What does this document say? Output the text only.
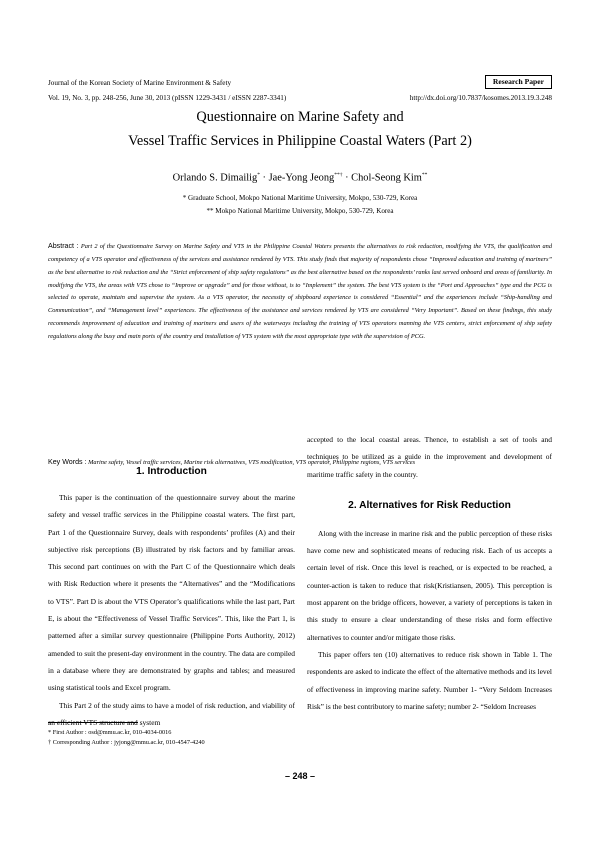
Journal of the Korean Society of Marine Environment & Safety
Vol. 19, No. 3, pp. 248-256, June 30, 2013 (pISSN 1229-3431 / eISSN 2287-3341)	http://dx.doi.org/10.7837/kosomes.2013.19.3.248
Research Paper
Questionnaire on Marine Safety and
Vessel Traffic Services in Philippine Coastal Waters (Part 2)
Orlando S. Dimailig* · Jae-Yong Jeong**† · Chol-Seong Kim**
* Graduate School, Mokpo National Maritime University, Mokpo, 530-729, Korea
** Mokpo National Maritime University, Mokpo, 530-729, Korea
Abstract : Part 2 of the Questionnaire Survey on Marine Safety and VTS in the Philippine Coastal Waters presents the alternatives to risk reduction, modifying the VTS, the qualification and competency of a VTS operator and effectiveness of the services and assistance rendered by VTS. This study finds that majority of respondents chose “Improved education and training of mariners” as the best alternative to risk reduction and the “Strict enforcement of ship safety regulations” as the best alternative based on the respondents’ ranks last served onboard and areas of familiarity. In modifying the VTS, the areas with VTS chose to “Improve or upgrade” and for those without, is to “Implement” the system. The best VTS system is the “Port and Approaches” type and the PCG is selected to operate, maintain and supervise the system. As a VTS operator, the necessity of shipboard experience is considered “Essential” and the experiences include “Ship-handling and Communication”, and “Management level” experiences. The effectiveness of the assistance and services rendered by VTS are considered “Very Important”. Based on these findings, this study recommends improvement of education and training of mariners and users of the waterways including the training of VTS operators manning the VTS centers, strict enforcement of ship safety regulations along the busy and main ports of the country and installation of VTS system with the most appropriate type with the supervision of PCG.
Key Words : Marine safety, Vessel traffic services, Marine risk alternatives, VTS modification, VTS operator, Philippine regions, VTS services
1. Introduction

This paper is the continuation of the questionnaire survey about the marine safety and vessel traffic services in the Philippine coastal waters. The first part, Part 1 of the Questionnaire Survey, deals with respondents’ profiles (A) and their subjective risk perceptions (B) illustrated by risk factors and by familiar areas. This second part continues on with the Part C of the Questionnaire which deals with Risk Reduction where it presents the “Alternatives” and the “Modifications to VTS”. Part D is about the VTS Operator’s qualifications while the last part, Part E, is about the “Effectiveness of Vessel Traffic Services”. This, like the Part 1, is patterned after a similar survey questionnaire (Philippine Ports Authority, 2012) amended to suit the present-day environment in the country. The data are compiled in a database where they are demonstrated by graphs and tables; and measured using statistical tools and Excel program.

This Part 2 of the study aims to have a model of risk reduction, and viability of an efficient VTS structure and system

accepted to the local coastal areas. Thence, to establish a set of tools and techniques to be utilized as a guide in the improvement and development of maritime traffic safety in the country.

2. Alternatives for Risk Reduction

Along with the increase in marine risk and the public perception of these risks have come new and sophisticated means of reducing risk. Each of us accepts a certain level of risk. Once this level is reached, or is expected to be reached, a counter-action is taken to reduce that risk(Kristiansen, 2005). This perception is most apparent on the bridge officers, however, a variety of perceptions is taken in this study to ensure a clear understanding of these risks and form effective alternatives to counter and/or mitigate those risks.

This paper offers ten (10) alternatives to reduce risk shown in Table 1. The respondents are asked to indicate the effect of the alternative methods and its level of effectiveness in improving marine safety. Number 1- “Very Seldom Increases Risk” is the best contributory to marine safety; number 2- “Seldom Increases

* First Author : osd@mmu.ac.kr, 010-4034-0016
† Corresponding Author : jyjong@mmu.ac.kr, 010-4547-4240
– 248 –
